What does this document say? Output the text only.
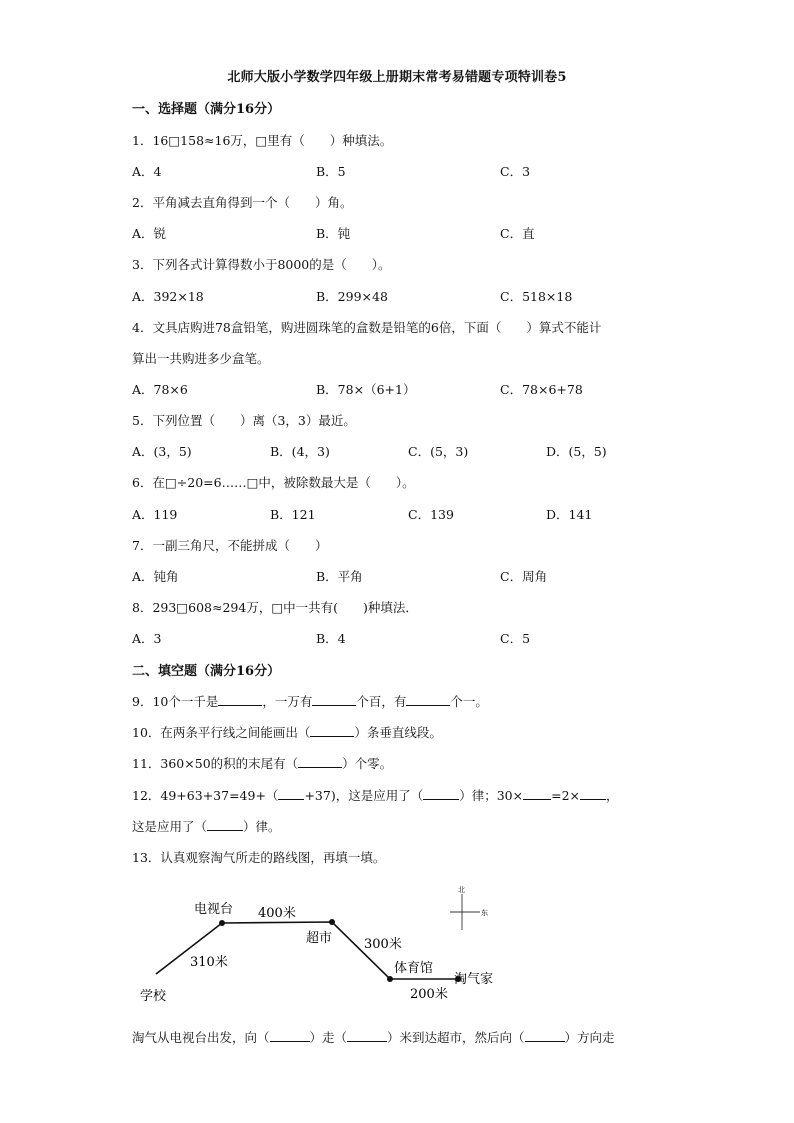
北师大版小学数学四年级上册期末常考易错题专项特训卷5
一、选择题（满分16分）
1．16□158≈16万，□里有（　　）种填法。
A．4	B．5	C．3
2．平角减去直角得到一个（　　）角。
A．锐	B．钝	C．直
3．下列各式计算得数小于8000的是（　　）。
A．392×18	B．299×48	C．518×18
4．文具店购进78盒铅笔，购进圆珠笔的盒数是铅笔的6倍，下面（　　）算式不能计
算出一共购进多少盒笔。
A．78×6	B．78×（6+1）	C．78×6+78
5．下列位置（　　）离（3，3）最近。
A．(3，5)	B．(4，3)	C．(5，3)	D．(5，5)
6．在□÷20=6……□中，被除数最大是（　　）。
A．119	B．121	C．139	D．141
7．一副三角尺，不能拼成（　　）
A．钝角	B．平角	C．周角
8．293□608≈294万，□中一共有(　　)种填法．
A．3	B．4	C．5
二、填空题（满分16分）
9．10个一千是	，一万有	个百，有	个一。
10．在两条平行线之间能画出（	）条垂直线段。
11．360×50的积的末尾有（	）个零。
12．49+63+37=49+（ +37)，这是应用了（	）律；30× =2× ，
这是应用了（	）律。
13．认真观察淘气所走的路线图，再填一填。
学校
电视台
超市
体育馆
淘气家
310米
400米
300米
200米
北
东
淘气从电视台出发，向（	）走（	）米到达超市，然后向（	）方向走
